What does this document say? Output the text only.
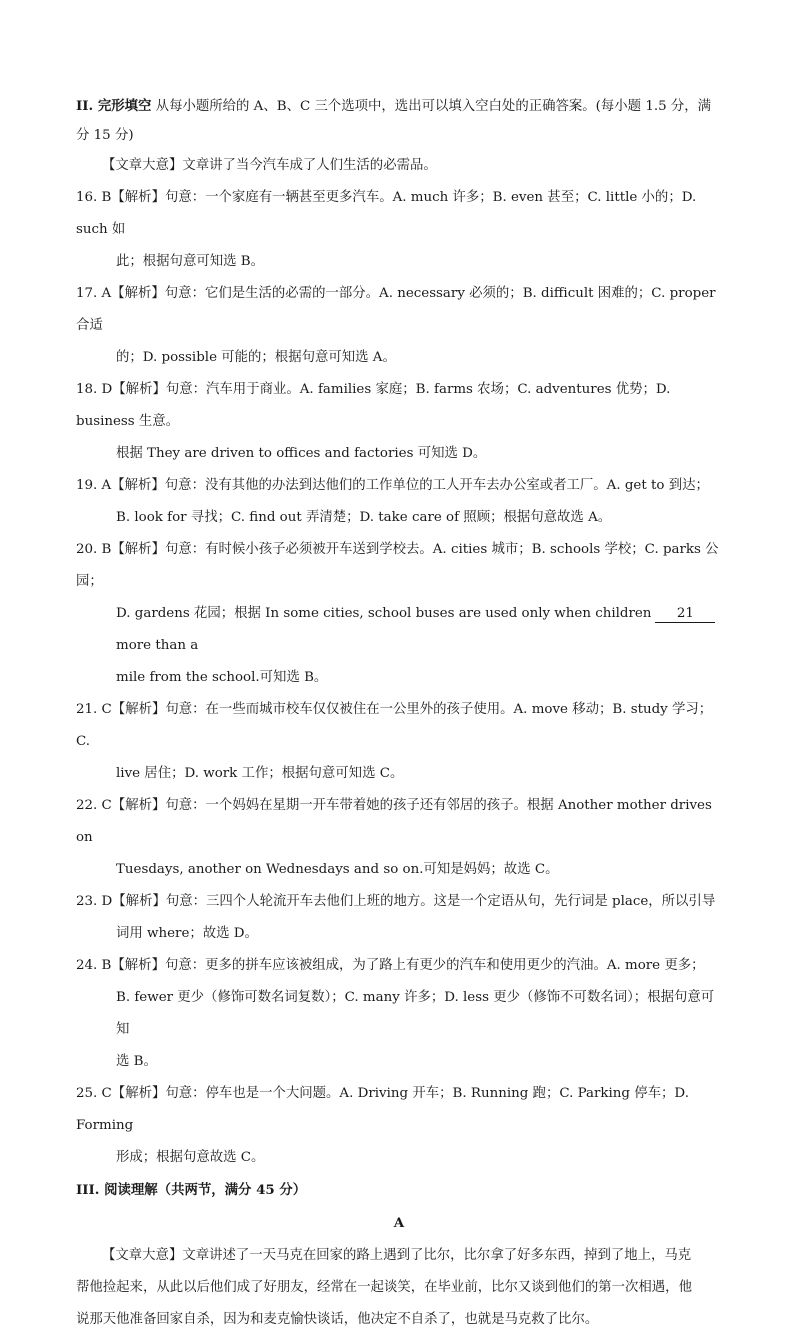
II. 完形填空 从每小题所给的 A、B、C 三个选项中，选出可以填入空白处的正确答案。(每小题 1.5 分，满
分 15 分)
【文章大意】文章讲了当今汽车成了人们生活的必需品。
16. B【解析】句意：一个家庭有一辆甚至更多汽车。A. much 许多；B. even 甚至；C. little 小的；D. such 如
此；根据句意可知选 B。
17. A【解析】句意：它们是生活的必需的一部分。A. necessary 必须的；B. difficult 困难的；C. proper 合适
的；D. possible 可能的；根据句意可知选 A。
18. D【解析】句意：汽车用于商业。A. families 家庭；B. farms 农场；C. adventures 优势；D. business 生意。
根据 They are driven to offices and factories 可知选 D。
19. A【解析】句意：没有其他的办法到达他们的工作单位的工人开车去办公室或者工厂。A. get to 到达；
B. look for 寻找；C. find out 弄清楚；D. take care of 照顾；根据句意故选 A。
20. B【解析】句意：有时候小孩子必须被开车送到学校去。A. cities 城市；B. schools 学校；C. parks 公园；
D. gardens 花园；根据 In some cities, school buses are used only when children 21more than a
mile from the school.可知选 B。
21. C【解析】句意：在一些而城市校车仅仅被住在一公里外的孩子使用。A. move 移动；B. study 学习；C.
live 居住；D. work 工作；根据句意可知选 C。
22. C【解析】句意：一个妈妈在星期一开车带着她的孩子还有邻居的孩子。根据 Another mother drives on
Tuesdays, another on Wednesdays and so on.可知是妈妈；故选 C。
23. D【解析】句意：三四个人轮流开车去他们上班的地方。这是一个定语从句，先行词是 place，所以引导
词用 where；故选 D。
24. B【解析】句意：更多的拼车应该被组成，为了路上有更少的汽车和使用更少的汽油。A. more 更多；
B. fewer 更少（修饰可数名词复数）；C. many 许多；D. less 更少（修饰不可数名词）；根据句意可知
选 B。
25. C【解析】句意：停车也是一个大问题。A. Driving 开车；B. Running 跑；C. Parking 停车；D. Forming
形成；根据句意故选 C。
III. 阅读理解（共两节，满分 45 分）
A
【文章大意】文章讲述了一天马克在回家的路上遇到了比尔，比尔拿了好多东西，掉到了地上，马克
帮他捡起来，从此以后他们成了好朋友，经常在一起谈笑，在毕业前，比尔又谈到他们的第一次相遇，他
说那天他准备回家自杀，因为和麦克愉快谈话，他决定不自杀了，也就是马克救了比尔。
